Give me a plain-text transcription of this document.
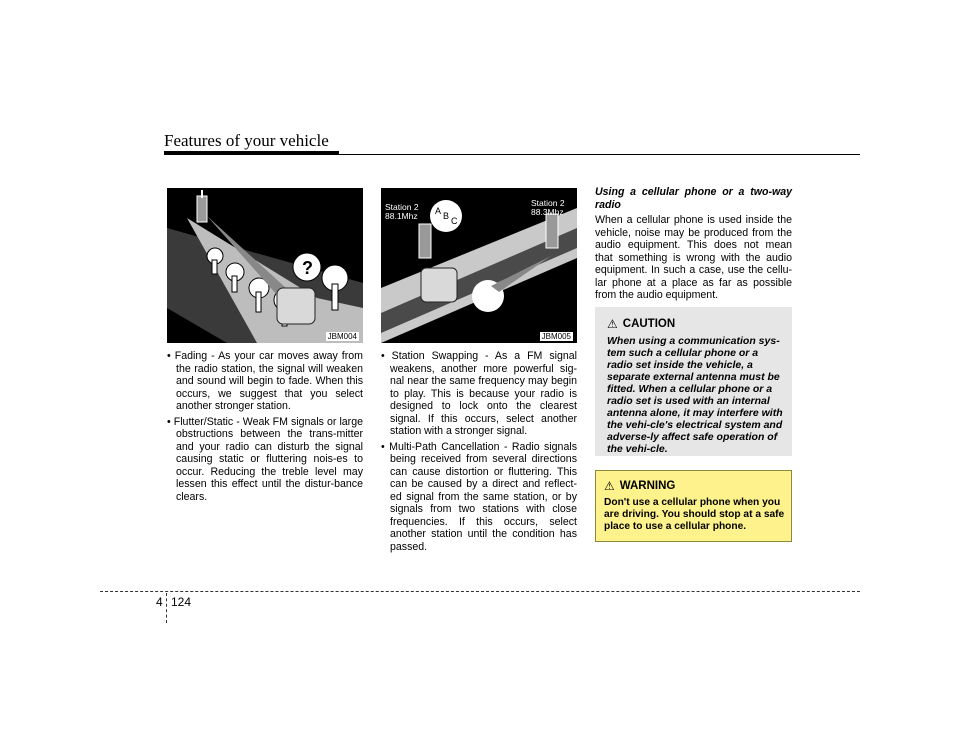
Features of your vehicle
?
JBM004
Station 2
88.1Mhz
Station 2
88.3Mhz
A B C
JBM005
• Fading - As your car moves away from the radio station, the signal will weaken and sound will begin to fade. When this occurs, we suggest that you select another stronger station.
• Flutter/Static - Weak FM signals or large obstructions between the trans-mitter and your radio can disturb the signal causing static or fluttering nois-es to occur. Reducing the treble level may lessen this effect until the distur-bance clears.
• Station Swapping - As a FM signal weakens, another more powerful sig-nal near the same frequency may begin to play. This is because your radio is designed to lock onto the clearest signal. If this occurs, select another station with a stronger signal.
• Multi-Path Cancellation - Radio signals being received from several directions can cause distortion or fluttering. This can be caused by a direct and reflect-ed signal from the same station, or by signals from two stations with close frequencies. If this occurs, select another station until the condition has passed.
Using a cellular phone or a two-way radio
When a cellular phone is used inside the vehicle, noise may be produced from the audio equipment. This does not mean that something is wrong with the audio equipment. In such a case, use the cellu-lar phone at a place as far as possible from the audio equipment.
⚠ CAUTION
When using a communication sys-tem such a cellular phone or a radio set inside the vehicle, a separate external antenna must be fitted. When a cellular phone or a radio set is used with an internal antenna alone, it may interfere with the vehi-cle's electrical system and adverse-ly affect safe operation of the vehi-cle.
⚠ WARNING
Don't use a cellular phone when you are driving. You should stop at a safe place to use a cellular phone.
4 124
